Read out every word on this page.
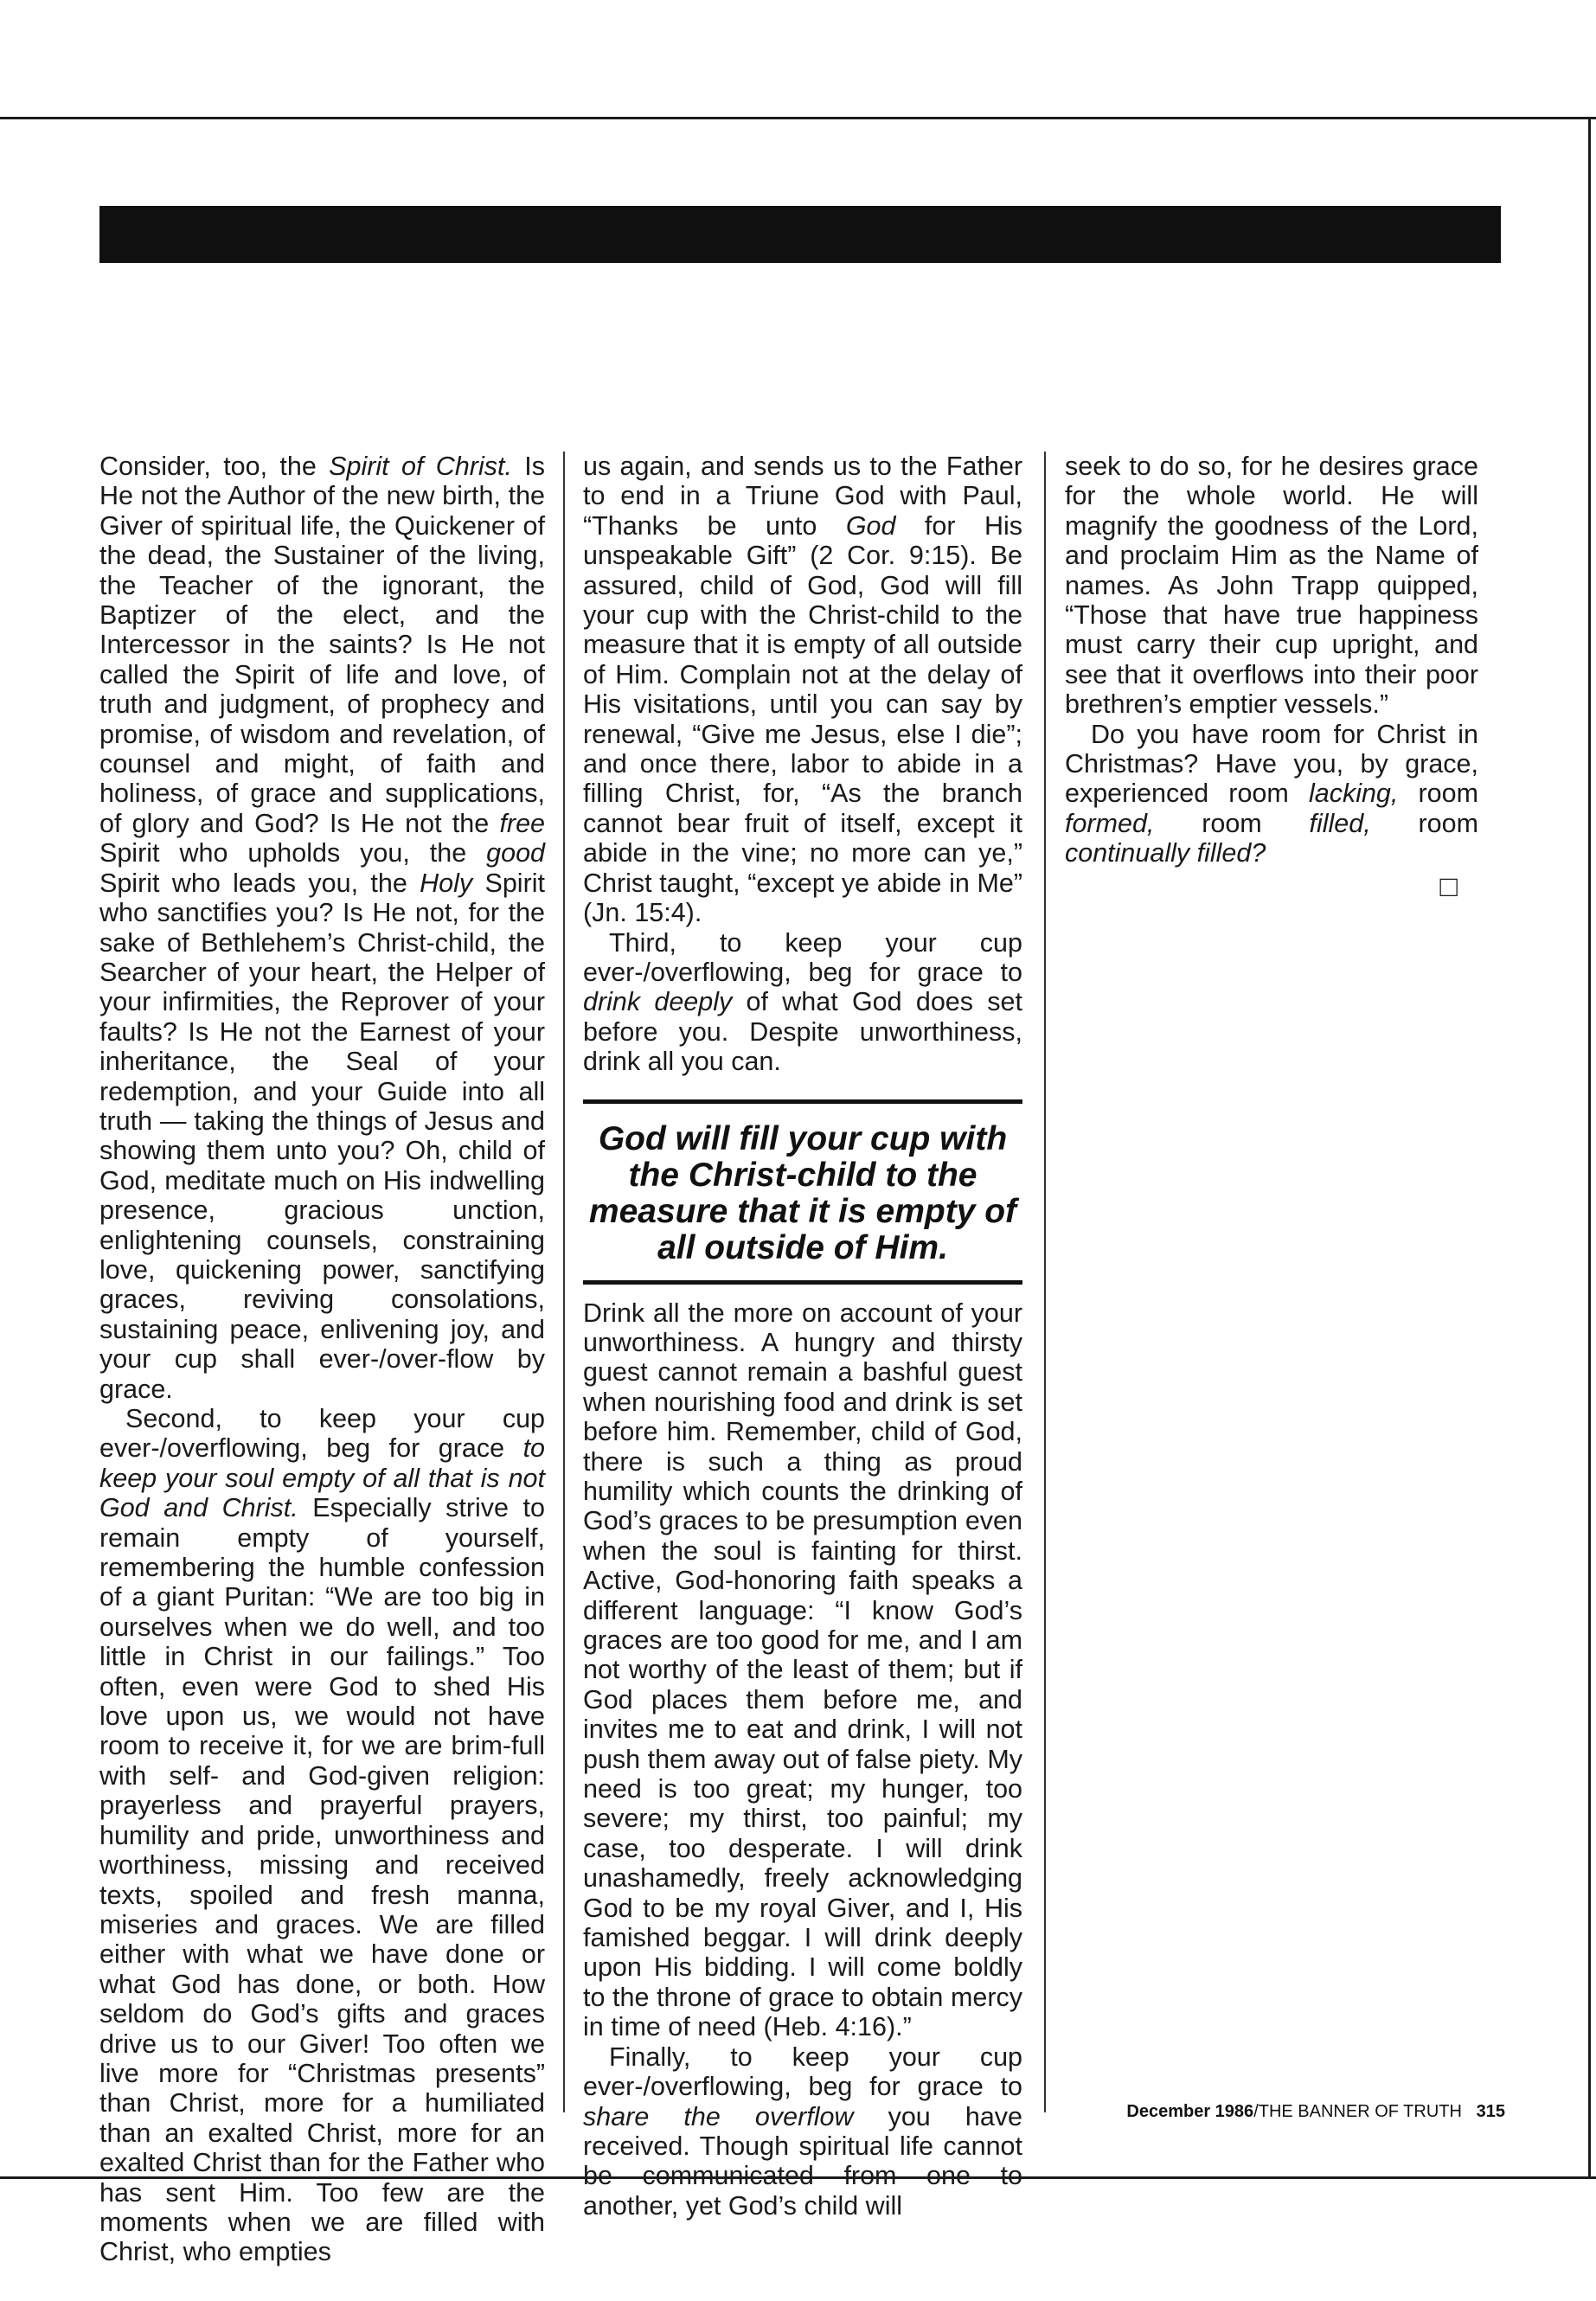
Consider, too, the Spirit of Christ. Is He not the Author of the new birth, the Giver of spiritual life, the Quickener of the dead, the Sustainer of the living, the Teacher of the ignorant, the Baptizer of the elect, and the Intercessor in the saints? Is He not called the Spirit of life and love, of truth and judgment, of prophecy and promise, of wisdom and revelation, of counsel and might, of faith and holiness, of grace and supplications, of glory and God? Is He not the free Spirit who upholds you, the good Spirit who leads you, the Holy Spirit who sanctifies you? Is He not, for the sake of Bethlehem’s Christ-child, the Searcher of your heart, the Helper of your infirmities, the Reprover of your faults? Is He not the Earnest of your inheritance, the Seal of your redemption, and your Guide into all truth — taking the things of Jesus and showing them unto you? Oh, child of God, meditate much on His indwelling presence, gracious unction, enlightening counsels, constraining love, quickening power, sanctifying graces, reviving consolations, sustaining peace, enlivening joy, and your cup shall ever-/over-flow by grace.

Second, to keep your cup ever-/overflowing, beg for grace to keep your soul empty of all that is not God and Christ. Especially strive to remain empty of yourself, remembering the humble confession of a giant Puritan: “We are too big in ourselves when we do well, and too little in Christ in our failings.” Too often, even were God to shed His love upon us, we would not have room to receive it, for we are brim-full with self- and God-given religion: prayerless and prayerful prayers, humility and pride, unworthiness and worthiness, missing and received texts, spoiled and fresh manna, miseries and graces. We are filled either with what we have done or what God has done, or both. How seldom do God’s gifts and graces drive us to our Giver! Too often we live more for “Christmas presents” than Christ, more for a humiliated than an exalted Christ, more for an exalted Christ than for the Father who has sent Him. Too few are the moments when we are filled with Christ, who empties

us again, and sends us to the Father to end in a Triune God with Paul, “Thanks be unto God for His unspeakable Gift” (2 Cor. 9:15). Be assured, child of God, God will fill your cup with the Christ-child to the measure that it is empty of all outside of Him. Complain not at the delay of His visitations, until you can say by renewal, “Give me Jesus, else I die”; and once there, labor to abide in a filling Christ, for, “As the branch cannot bear fruit of itself, except it abide in the vine; no more can ye,” Christ taught, “except ye abide in Me” (Jn. 15:4).

Third, to keep your cup ever-/overflowing, beg for grace to drink deeply of what God does set before you. Despite unworthiness, drink all you can.

God will fill your cup with the Christ-child to the measure that it is empty of all outside of Him.

Drink all the more on account of your unworthiness. A hungry and thirsty guest cannot remain a bashful guest when nourishing food and drink is set before him. Remember, child of God, there is such a thing as proud humility which counts the drinking of God’s graces to be presumption even when the soul is fainting for thirst. Active, God-honoring faith speaks a different language: “I know God’s graces are too good for me, and I am not worthy of the least of them; but if God places them before me, and invites me to eat and drink, I will not push them away out of false piety. My need is too great; my hunger, too severe; my thirst, too painful; my case, too desperate. I will drink unashamedly, freely acknowledging God to be my royal Giver, and I, His famished beggar. I will drink deeply upon His bidding. I will come boldly to the throne of grace to obtain mercy in time of need (Heb. 4:16).”

Finally, to keep your cup ever-/overflowing, beg for grace to share the overflow you have received. Though spiritual life cannot be communicated from one to another, yet God’s child will

seek to do so, for he desires grace for the whole world. He will magnify the goodness of the Lord, and proclaim Him as the Name of names. As John Trapp quipped, “Those that have true happiness must carry their cup upright, and see that it overflows into their poor brethren’s emptier vessels.”

Do you have room for Christ in Christmas? Have you, by grace, experienced room lacking, room formed, room filled, room continually filled?

□
December 1986/THE BANNER OF TRUTH 315
